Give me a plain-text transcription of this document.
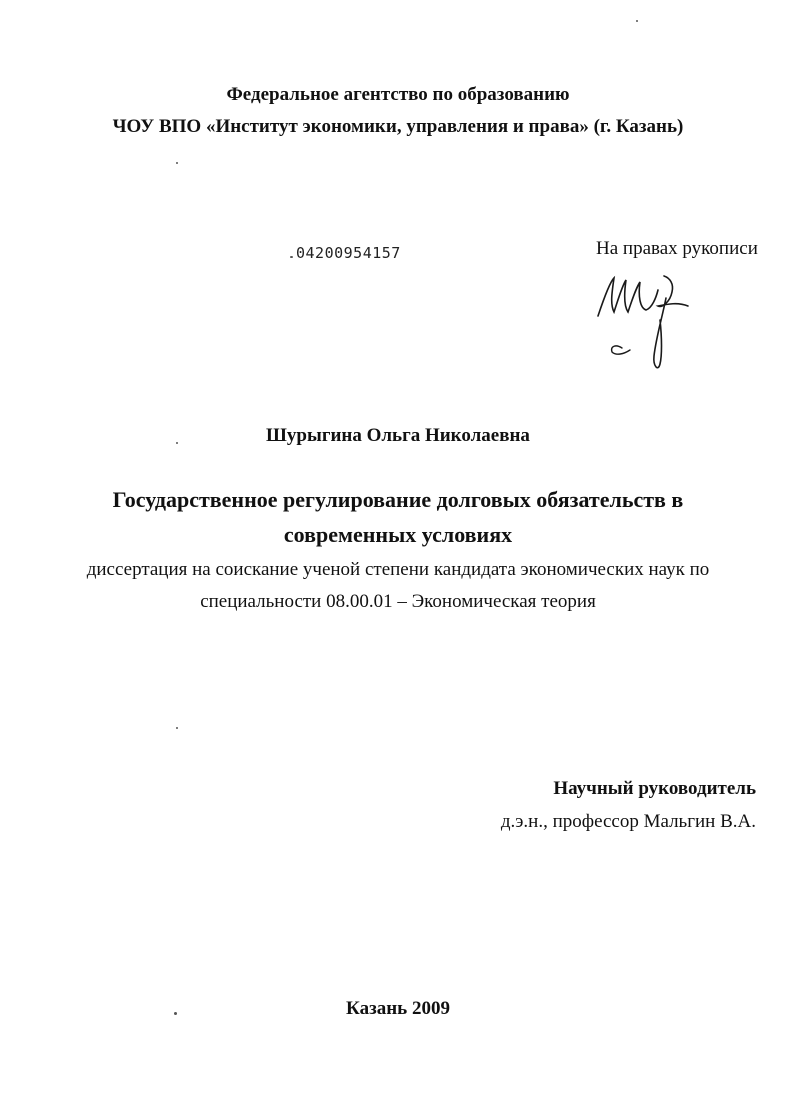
Федеральное агентство по образованию
ЧОУ ВПО «Институт экономики, управления и права» (г. Казань)
04200954157	На правах рукописи
Шурыгина Ольга Николаевна
Государственное регулирование долговых обязательств в
современных условиях
диссертация на соискание ученой степени кандидата экономических наук по
специальности 08.00.01 – Экономическая теория
Научный руководитель
д.э.н., профессор Мальгин В.А.
Казань 2009
